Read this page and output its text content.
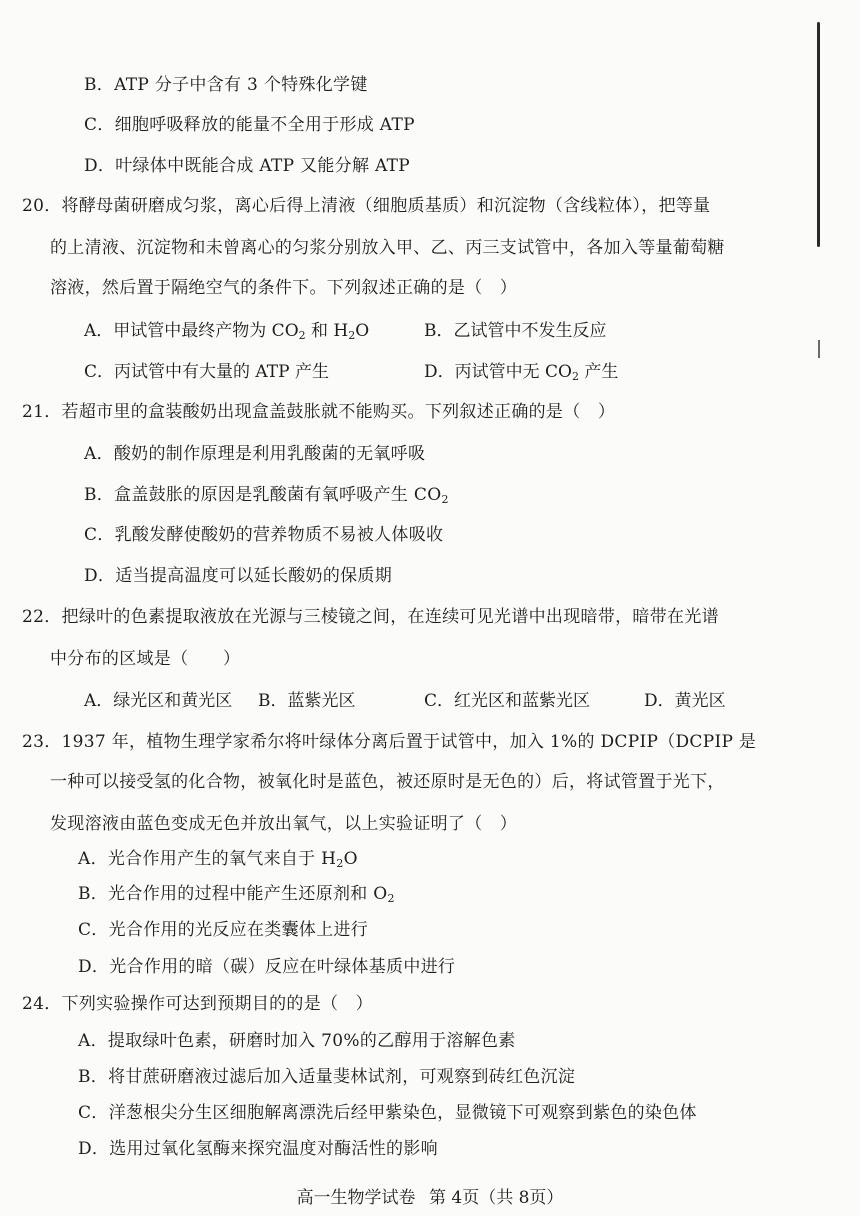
B．ATP 分子中含有 3 个特殊化学键
C．细胞呼吸释放的能量不全用于形成 ATP
D．叶绿体中既能合成 ATP 又能分解 ATP
20．将酵母菌研磨成匀浆，离心后得上清液（细胞质基质）和沉淀物（含线粒体），把等量
的上清液、沉淀物和未曾离心的匀浆分别放入甲、乙、丙三支试管中，各加入等量葡萄糖
溶液，然后置于隔绝空气的条件下。下列叙述正确的是（　）
A．甲试管中最终产物为 $CO_2$ 和 $H_2O$	B．乙试管中不发生反应
C．丙试管中有大量的 ATP 产生	D．丙试管中无 $CO_2$ 产生
21．若超市里的盒装酸奶出现盒盖鼓胀就不能购买。下列叙述正确的是（　）
A．酸奶的制作原理是利用乳酸菌的无氧呼吸
B．盒盖鼓胀的原因是乳酸菌有氧呼吸产生 $CO_2$
C．乳酸发酵使酸奶的营养物质不易被人体吸收
D．适当提高温度可以延长酸奶的保质期
22．把绿叶的色素提取液放在光源与三棱镜之间，在连续可见光谱中出现暗带，暗带在光谱
中分布的区域是（　　）
A．绿光区和黄光区 B．蓝紫光区	C．红光区和蓝紫光区	D．黄光区
23．1937 年，植物生理学家希尔将叶绿体分离后置于试管中，加入 1%的 DCPIP（DCPIP 是
一种可以接受氢的化合物，被氧化时是蓝色，被还原时是无色的）后，将试管置于光下，
发现溶液由蓝色变成无色并放出氧气，以上实验证明了（　）
A．光合作用产生的氧气来自于 $H_2O$
B．光合作用的过程中能产生还原剂和 $O_2$
C．光合作用的光反应在类囊体上进行
D．光合作用的暗（碳）反应在叶绿体基质中进行
24．下列实验操作可达到预期目的的是（　）
A．提取绿叶色素，研磨时加入 70%的乙醇用于溶解色素
B．将甘蔗研磨液过滤后加入适量斐林试剂，可观察到砖红色沉淀
C．洋葱根尖分生区细胞解离漂洗后经甲紫染色，显微镜下可观察到紫色的染色体
D．选用过氧化氢酶来探究温度对酶活性的影响
高一生物学试卷 第 4页（共 8页）
